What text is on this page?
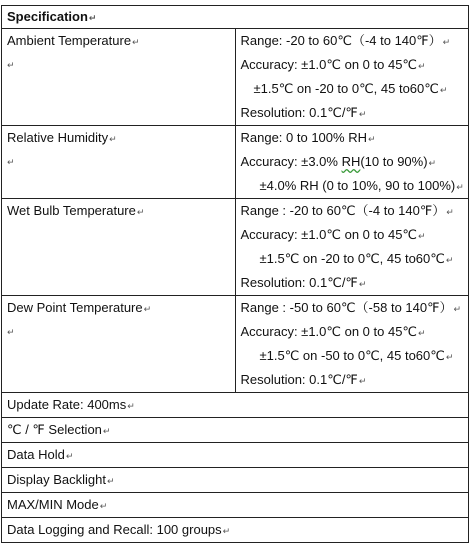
Specification↵	

Ambient Temperature↵
↵	Range: -20 to 60℃（-4 to 140℉）↵
Accuracy: ±1.0℃ on 0 to 45℃↵
±1.5℃ on -20 to 0℃, 45 to60℃↵
Resolution: 0.1℃/℉↵

Relative Humidity↵
↵	Range: 0 to 100% RH↵
Accuracy: ±3.0% RH(10 to 90%)↵
±4.0% RH (0 to 10%, 90 to 100%)↵

Wet Bulb Temperature↵	Range : -20 to 60℃（-4 to 140℉）↵
Accuracy: ±1.0℃ on 0 to 45℃↵
±1.5℃ on -20 to 0℃, 45 to60℃↵
Resolution: 0.1℃/℉↵

Dew Point Temperature↵
↵	Range : -50 to 60℃（-58 to 140℉）↵
Accuracy: ±1.0℃ on 0 to 45℃↵
±1.5℃ on -50 to 0℃, 45 to60℃↵
Resolution: 0.1℃/℉↵

Update Rate: 400ms↵	

℃ / ℉ Selection↵	

Data Hold↵	

Display Backlight↵	

MAX/MIN Mode↵	

Data Logging and Recall: 100 groups↵	
